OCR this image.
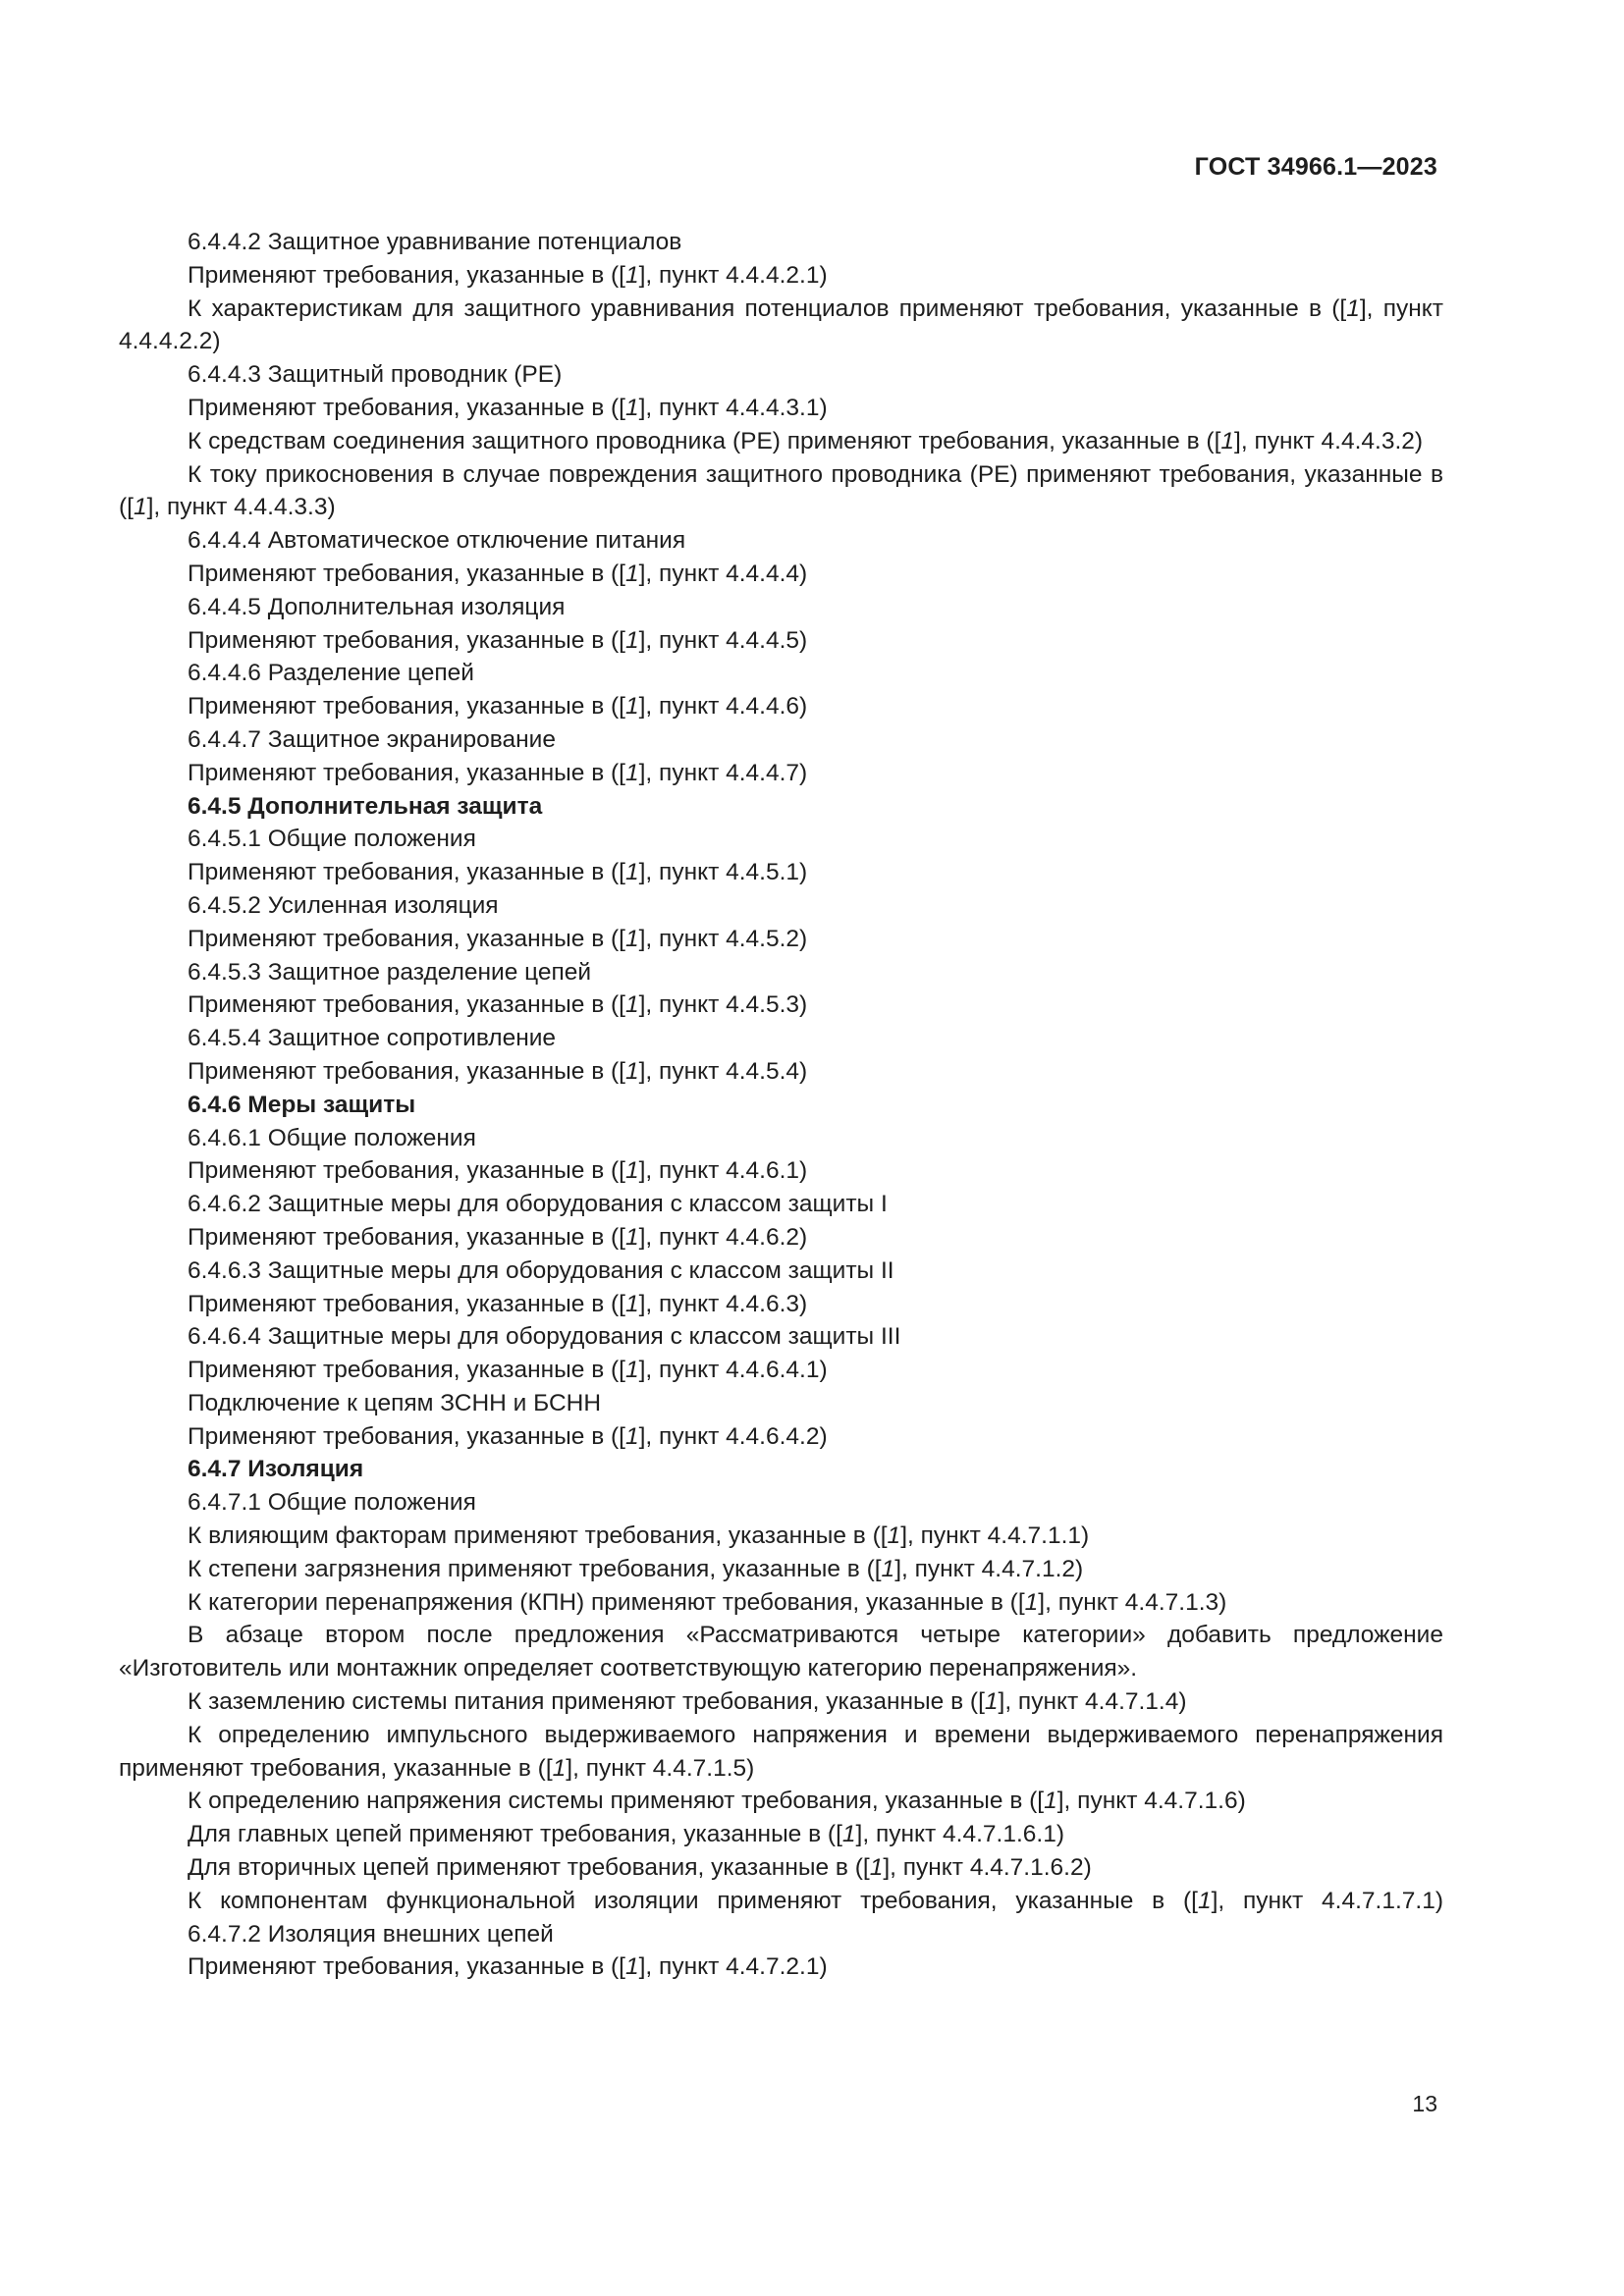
ГОСТ 34966.1—2023
6.4.4.2 Защитное уравнивание потенциалов
Применяют требования, указанные в ([1], пункт 4.4.4.2.1)
К характеристикам для защитного уравнивания потенциалов применяют требования, указанные в ([1], пункт 4.4.4.2.2)
6.4.4.3 Защитный проводник (PE)
Применяют требования, указанные в ([1], пункт 4.4.4.3.1)
К средствам соединения защитного проводника (PE) применяют требования, указанные в ([1], пункт 4.4.4.3.2)
К току прикосновения в случае повреждения защитного проводника (PE) применяют требования, указанные в ([1], пункт 4.4.4.3.3)
6.4.4.4 Автоматическое отключение питания
Применяют требования, указанные в ([1], пункт 4.4.4.4)
6.4.4.5 Дополнительная изоляция
Применяют требования, указанные в ([1], пункт 4.4.4.5)
6.4.4.6 Разделение цепей
Применяют требования, указанные в ([1], пункт 4.4.4.6)
6.4.4.7 Защитное экранирование
Применяют требования, указанные в ([1], пункт 4.4.4.7)
6.4.5 Дополнительная защита
6.4.5.1 Общие положения
Применяют требования, указанные в ([1], пункт 4.4.5.1)
6.4.5.2 Усиленная изоляция
Применяют требования, указанные в ([1], пункт 4.4.5.2)
6.4.5.3 Защитное разделение цепей
Применяют требования, указанные в ([1], пункт 4.4.5.3)
6.4.5.4 Защитное сопротивление
Применяют требования, указанные в ([1], пункт 4.4.5.4)
6.4.6 Меры защиты
6.4.6.1 Общие положения
Применяют требования, указанные в ([1], пункт 4.4.6.1)
6.4.6.2 Защитные меры для оборудования с классом защиты I
Применяют требования, указанные в ([1], пункт 4.4.6.2)
6.4.6.3 Защитные меры для оборудования с классом защиты II
Применяют требования, указанные в ([1], пункт 4.4.6.3)
6.4.6.4 Защитные меры для оборудования с классом защиты III
Применяют требования, указанные в ([1], пункт 4.4.6.4.1)
Подключение к цепям ЗСНН и БСНН
Применяют требования, указанные в ([1], пункт 4.4.6.4.2)
6.4.7 Изоляция
6.4.7.1 Общие положения
К влияющим факторам применяют требования, указанные в ([1], пункт 4.4.7.1.1)
К степени загрязнения применяют требования, указанные в ([1], пункт 4.4.7.1.2)
К категории перенапряжения (КПН) применяют требования, указанные в ([1], пункт 4.4.7.1.3)
В абзаце втором после предложения «Рассматриваются четыре категории» добавить предложение «Изготовитель или монтажник определяет соответствующую категорию перенапряжения».
К заземлению системы питания применяют требования, указанные в ([1], пункт 4.4.7.1.4)
К определению импульсного выдерживаемого напряжения и времени выдерживаемого перенапряжения применяют требования, указанные в ([1], пункт 4.4.7.1.5)
К определению напряжения системы применяют требования, указанные в ([1], пункт 4.4.7.1.6)
Для главных цепей применяют требования, указанные в ([1], пункт 4.4.7.1.6.1)
Для вторичных цепей применяют требования, указанные в ([1], пункт 4.4.7.1.6.2)
К компонентам функциональной изоляции применяют требования, указанные в ([1], пункт 4.4.7.1.7.1)
6.4.7.2 Изоляция внешних цепей
Применяют требования, указанные в ([1], пункт 4.4.7.2.1)
13
